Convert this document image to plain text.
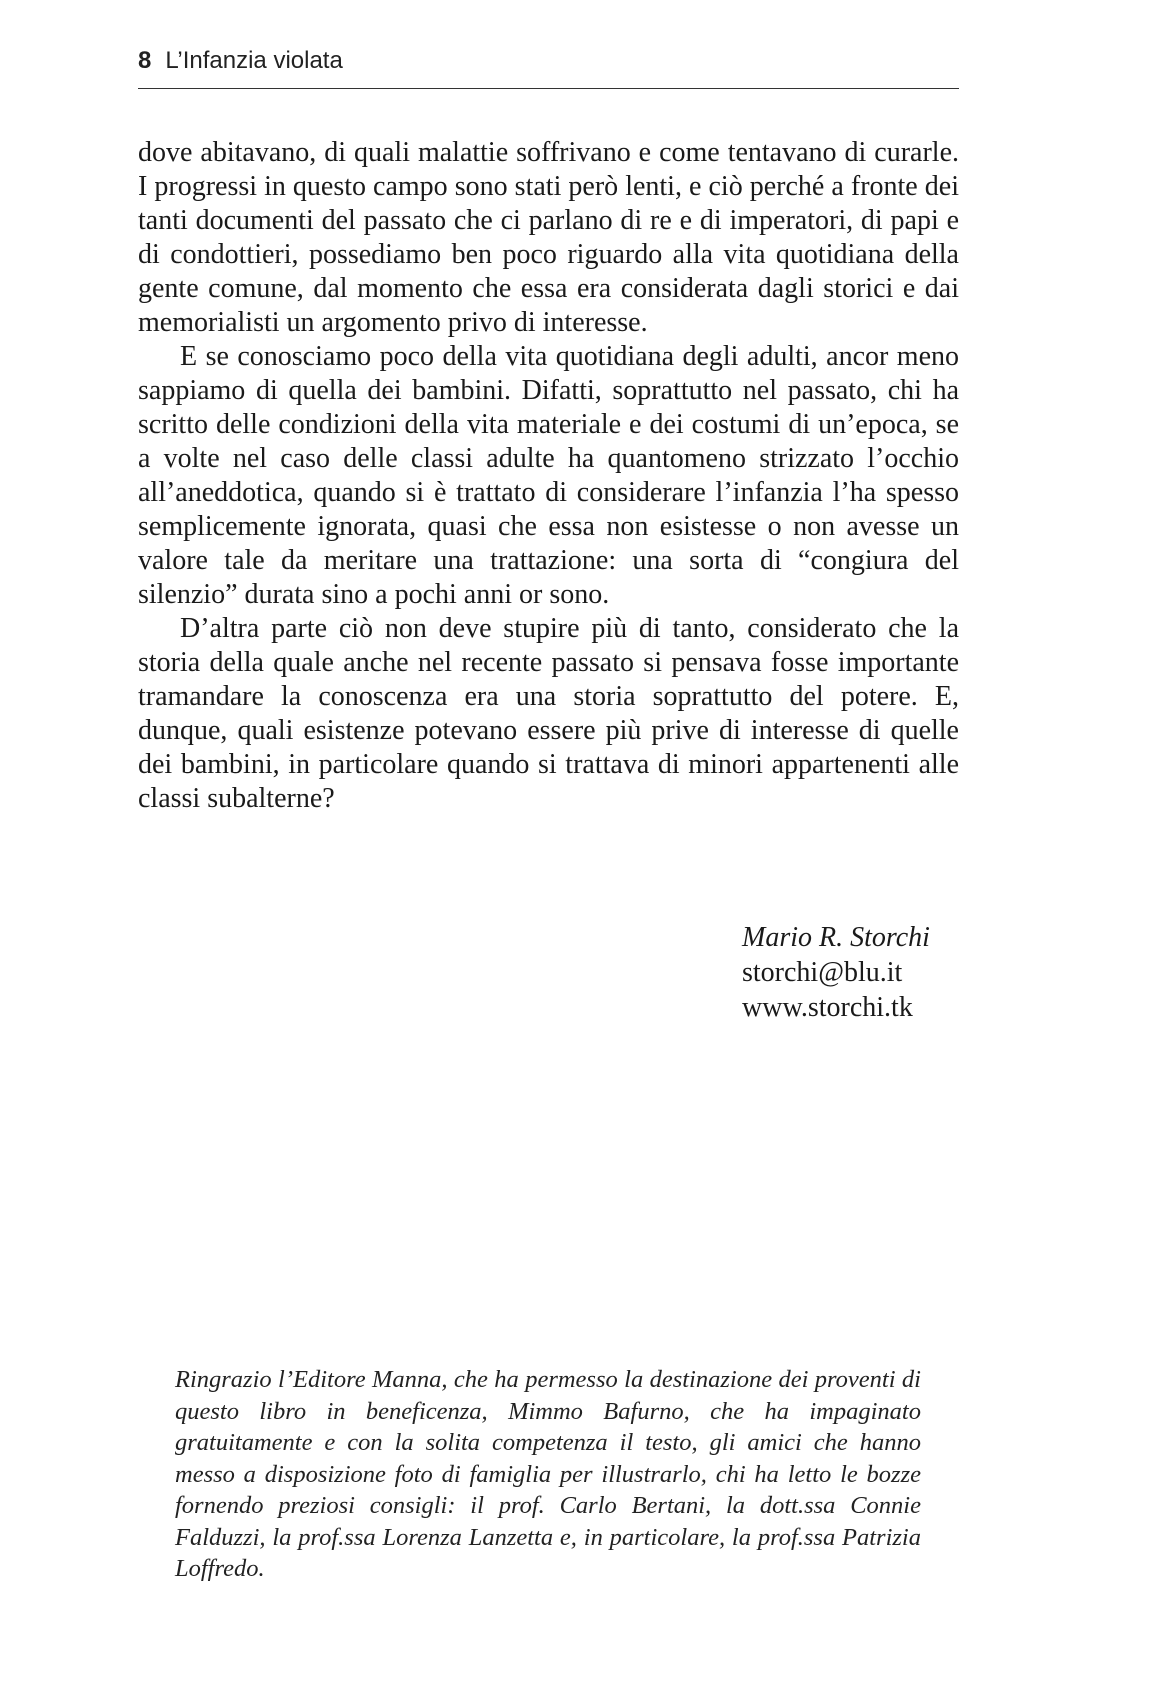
8 L’Infanzia violata

dove abitavano, di quali malattie soffrivano e come tentavano di curarle. I progressi in questo campo sono stati però lenti, e ciò perché a fronte dei tanti documenti del passato che ci parlano di re e di imperatori, di papi e di condottieri, possediamo ben poco riguardo alla vita quotidiana della gente comune, dal momento che essa era considerata dagli storici e dai memorialisti un argomento privo di interesse.

E se conosciamo poco della vita quotidiana degli adulti, ancor meno sappiamo di quella dei bambini. Difatti, soprattutto nel passato, chi ha scritto delle condizioni della vita materiale e dei costumi di un’epoca, se a volte nel caso delle classi adulte ha quantomeno strizzato l’occhio all’aneddotica, quando si è trattato di considerare l’infanzia l’ha spesso semplicemente ignorata, quasi che essa non esistesse o non avesse un valore tale da meritare una trattazione: una sorta di “congiura del silenzio” durata sino a pochi anni or sono.

D’altra parte ciò non deve stupire più di tanto, considerato che la storia della quale anche nel recente passato si pensava fosse importante tramandare la conoscenza era una storia soprattutto del potere. E, dunque, quali esistenze potevano essere più prive di interesse di quelle dei bambini, in particolare quando si trattava di minori appartenenti alle classi subalterne?

Mario R. Storchi
storchi@blu.it
www.storchi.tk

Ringrazio l’Editore Manna, che ha permesso la destinazione dei proventi di questo libro in beneficenza, Mimmo Bafurno, che ha impaginato gratuitamente e con la solita competenza il testo, gli amici che hanno messo a disposizione foto di famiglia per illustrarlo, chi ha letto le bozze fornendo preziosi consigli: il prof. Carlo Bertani, la dott.ssa Connie Falduzzi, la prof.ssa Lorenza Lanzetta e, in particolare, la prof.ssa Patrizia Loffredo.
